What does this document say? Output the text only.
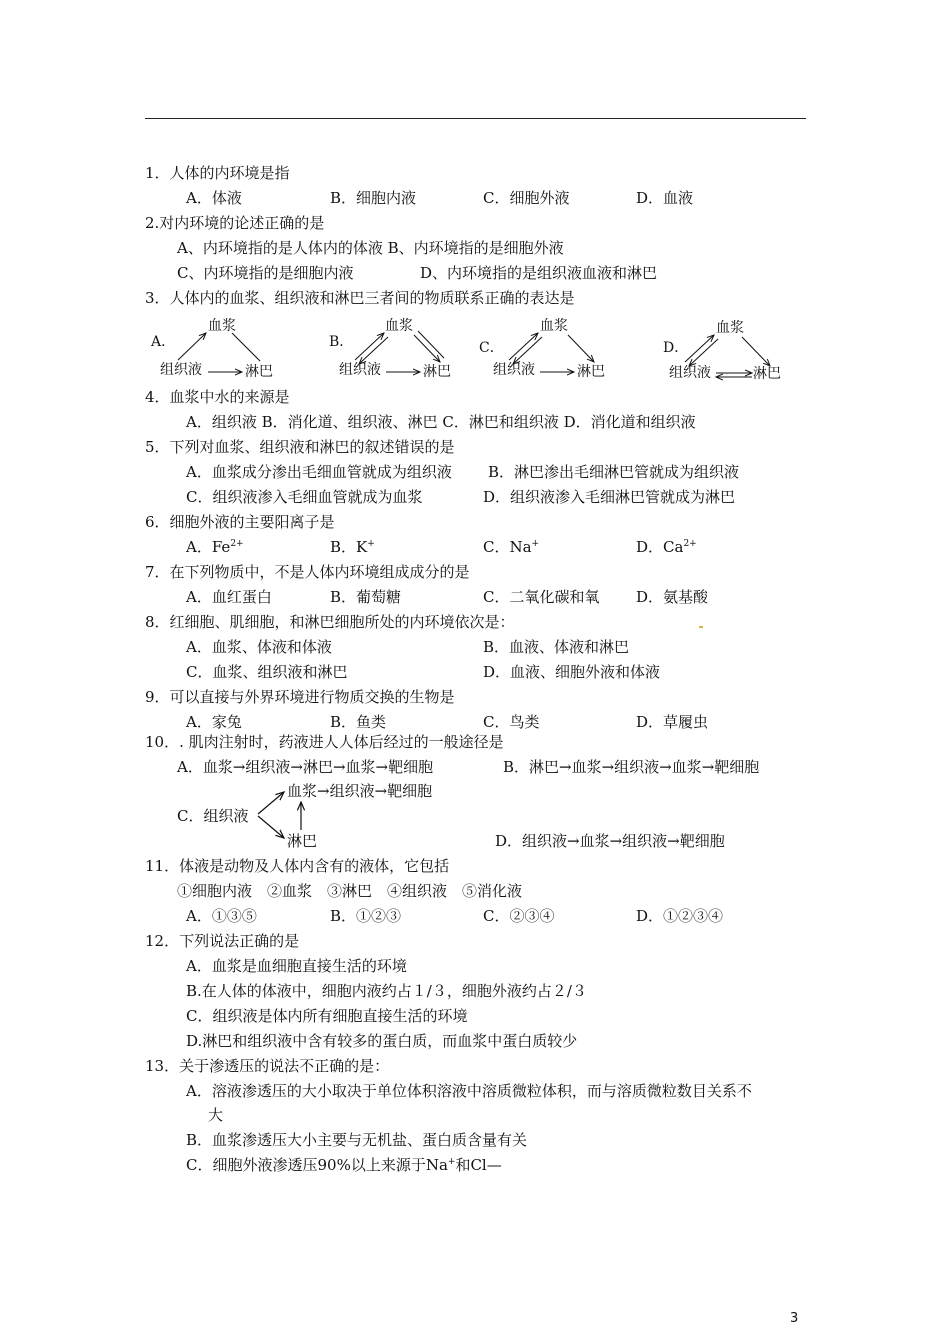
1．人体的内环境是指
A．体液	B．细胞内液	C．细胞外液	D．血液
2.对内环境的论述正确的是
A、内环境指的是人体内的体液 B、内环境指的是细胞外液
C、内环境指的是细胞内液	D、内环境指的是组织液血液和淋巴
3．人体内的血浆、组织液和淋巴三者间的物质联系正确的表达是
A．
血浆
组织液	淋巴
B．
血浆
组织液	淋巴
C．
血浆
组织液	淋巴
D．
血浆
组织液	淋巴
4．血浆中水的来源是
A．组织液 B．消化道、组织液、淋巴 C．淋巴和组织液 D．消化道和组织液
5．下列对血浆、组织液和淋巴的叙述错误的是
A．血浆成分渗出毛细血管就成为组织液 B．淋巴渗出毛细淋巴管就成为组织液
C．组织液渗入毛细血管就成为血浆	D．组织液渗入毛细淋巴管就成为淋巴
6．细胞外液的主要阳离子是
A．$Fe^{2+}$	B．K+	C．Na+	D．$Ca^{2+}$
7．在下列物质中，不是人体内环境组成成分的是
A．血红蛋白	B．葡萄糖	C．二氧化碳和氧 D．氨基酸
8．红细胞、肌细胞，和淋巴细胞所处的内环境依次是：
A．血浆、体液和体液	B．血液、体液和淋巴
C．血浆、组织液和淋巴	D．血液、细胞外液和体液
9．可以直接与外界环境进行物质交换的生物是
A．家兔	B．鱼类	C．鸟类	D．草履虫
10．. 肌肉注射时，药液进人人体后经过的一般途径是
A．血浆→组织液→淋巴→血浆→靶细胞	B．淋巴→血浆→组织液→血浆→靶细胞
血浆→组织液→靶细胞
C．组织液
淋巴	D．组织液→血浆→组织液→靶细胞
11．体液是动物及人体内含有的液体，它包括
①细胞内液　②血浆　③淋巴　④组织液　⑤消化液
A．①③⑤	B．①②③	C．②③④	D．①②③④
12．下列说法正确的是
A．血浆是血细胞直接生活的环境
B.在人体的体液中，细胞内液约占１/３，细胞外液约占２/３
C．组织液是体内所有细胞直接生活的环境
D.淋巴和组织液中含有较多的蛋白质，而血浆中蛋白质较少
13．关于渗透压的说法不正确的是：
A．溶液渗透压的大小取决于单位体积溶液中溶质微粒体积，而与溶质微粒数目关系不
大
B．血浆渗透压大小主要与无机盐、蛋白质含量有关
C．细胞外液渗透压90%以上来源于Na+和Cl—
3
